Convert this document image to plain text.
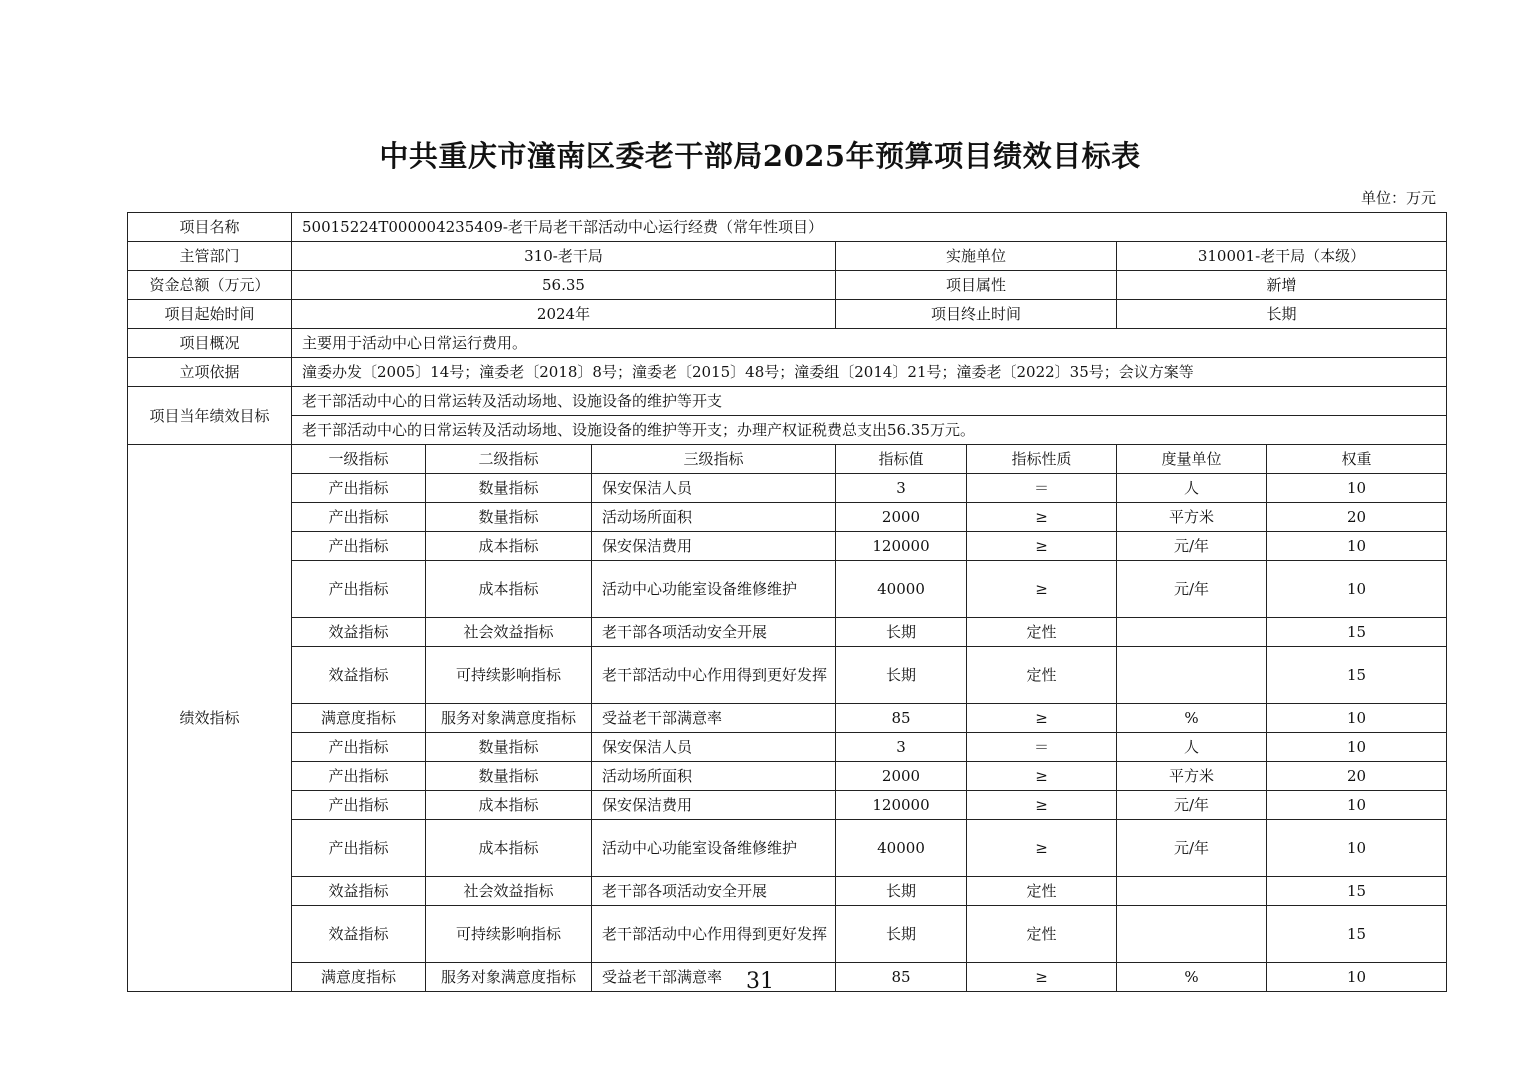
中共重庆市潼南区委老干部局2025年预算项目绩效目标表
单位：万元
项目名称	50015224T000004235409-老干局老干部活动中心运行经费（常年性项目）						
主管部门	310-老干局			实施单位		310001-老干局（本级）	
资金总额（万元）	56.35			项目属性		新增	
项目起始时间	2024年			项目终止时间		长期	
项目概况	主要用于活动中心日常运行费用。						
立项依据	潼委办发〔2005〕14号；潼委老〔2018〕8号；潼委老〔2015〕48号；潼委组〔2014〕21号；潼委老〔2022〕35号；会议方案等						
项目当年绩效目标	老干部活动中心的日常运转及活动场地、设施设备的维护等开支						
	老干部活动中心的日常运转及活动场地、设施设备的维护等开支；办理产权证税费总支出56.35万元。						
绩效指标	一级指标	二级指标	三级指标	指标值	指标性质	度量单位	权重
	产出指标	数量指标	保安保洁人员	3	＝	人	10
	产出指标	数量指标	活动场所面积	2000	≥	平方米	20
	产出指标	成本指标	保安保洁费用	120000	≥	元/年	10
	产出指标	成本指标	活动中心功能室设备维修维护	40000	≥	元/年	10
	效益指标	社会效益指标	老干部各项活动安全开展	长期	定性		15
	效益指标	可持续影响指标	老干部活动中心作用得到更好发挥	长期	定性		15
	满意度指标	服务对象满意度指标	受益老干部满意率	85	≥	%	10
	产出指标	数量指标	保安保洁人员	3	＝	人	10
	产出指标	数量指标	活动场所面积	2000	≥	平方米	20
	产出指标	成本指标	保安保洁费用	120000	≥	元/年	10
	产出指标	成本指标	活动中心功能室设备维修维护	40000	≥	元/年	10
	效益指标	社会效益指标	老干部各项活动安全开展	长期	定性		15
	效益指标	可持续影响指标	老干部活动中心作用得到更好发挥	长期	定性		15
	满意度指标	服务对象满意度指标	受益老干部满意率	85	≥	%	10
31
